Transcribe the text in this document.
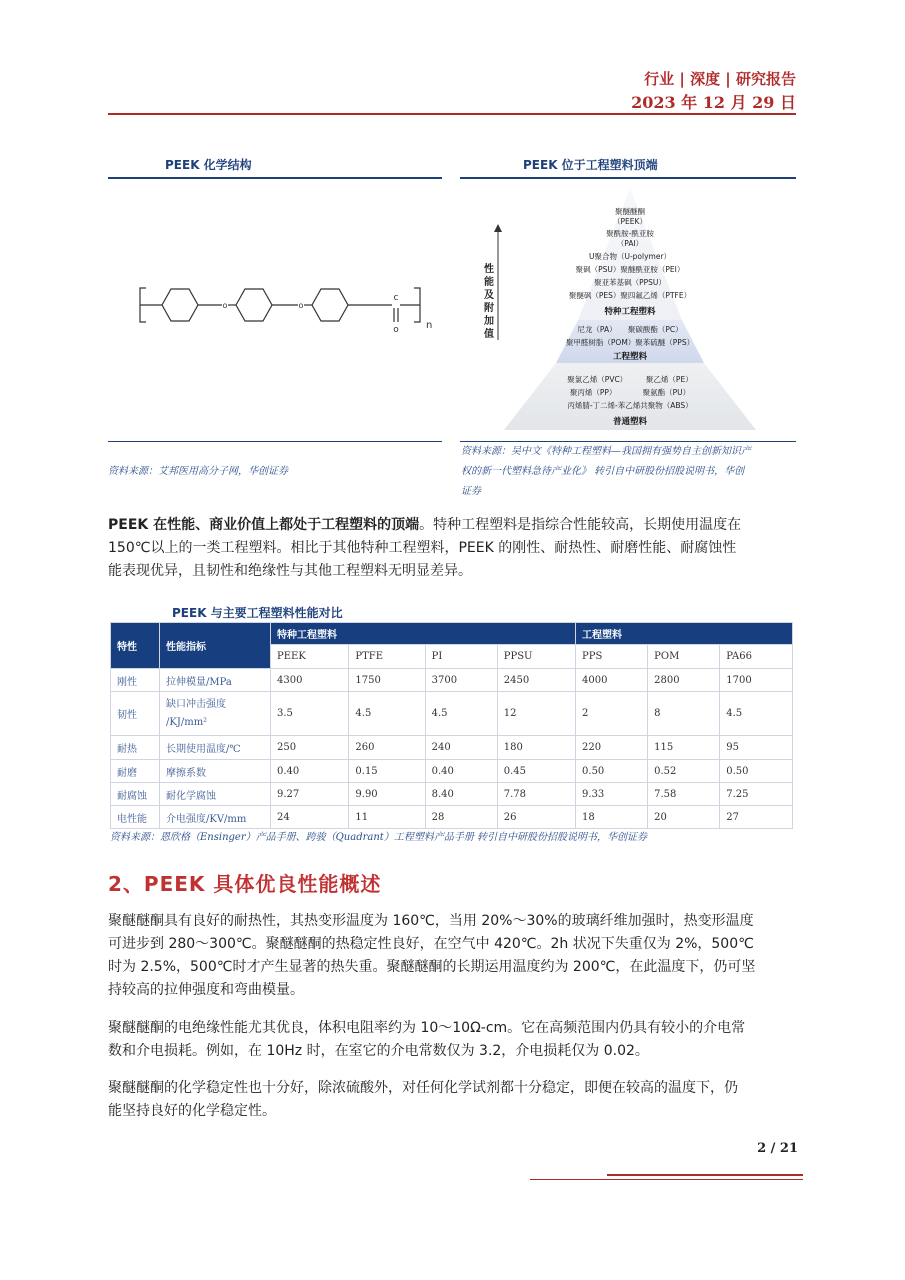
行业 | 深度 | 研究报告
2023 年 12 月 29 日
PEEK 化学结构
o	o
c
o	n
资料来源：艾邦医用高分子网，华创证券
PEEK 位于工程塑料顶端
性
能
及
附
加
值
聚醚醚酮
（PEEK）
聚酰胺-酰亚胺
（PAI）
U聚合物（U-polymer）
聚砜（PSU）聚醚酰亚胺（PEI）
聚亚苯基砜（PPSU）
聚醚砜（PES）聚四氟乙烯（PTFE）
特种工程塑料
尼龙（PA）　　聚碳酸酯（PC）
聚甲醛树脂（POM）聚苯硫醚（PPS）
工程塑料
聚氯乙烯（PVC）　　　聚乙烯（PE）
聚丙烯（PP）　　　　聚氨酯（PU）
丙烯腈-丁二烯-苯乙烯共聚物（ABS）
普通塑料
资料来源：吴中文《特种工程塑料—我国拥有强势自主创新知识产
权的新一代塑料急待产业化》 转引自中研股份招股说明书，华创
证券
PEEK 在性能、商业价值上都处于工程塑料的顶端。特种工程塑料是指综合性能较高，长期使用温度在
150℃以上的一类工程塑料。相比于其他特种工程塑料，PEEK 的刚性、耐热性、耐磨性能、耐腐蚀性
能表现优异，且韧性和绝缘性与其他工程塑料无明显差异。
PEEK 与主要工程塑料性能对比
特性	性能指标	特种工程塑料				工程塑料		
		PEEK	PTFE	PI	PPSU	PPS	POM	PA66
刚性	拉伸模量/MPa	4300	1750	3700	2450	4000	2800	1700
韧性	缺口冲击强度 /KJ/mm²	3.5	4.5	4.5	12	2	8	4.5
耐热	长期使用温度/℃	250	260	240	180	220	115	95
耐磨	摩擦系数	0.40	0.15	0.40	0.45	0.50	0.52	0.50
耐腐蚀	耐化学腐蚀	9.27	9.90	8.40	7.78	9.33	7.58	7.25
电性能	介电强度/KV/mm	24	11	28	26	18	20	27
资料来源：恩欣格（Ensinger）产品手册、跨骏（Quadrant）工程塑料产品手册 转引自中研股份招股说明书，华创证券
2、PEEK 具体优良性能概述
聚醚醚酮具有良好的耐热性，其热变形温度为 160℃，当用 20%～30%的玻璃纤维加强时，热变形温度
可进步到 280～300℃。聚醚醚酮的热稳定性良好，在空气中 420℃。2h 状况下失重仅为 2%，500℃
时为 2.5%，500℃时才产生显著的热失重。聚醚醚酮的长期运用温度约为 200℃，在此温度下，仍可坚
持较高的拉伸强度和弯曲模量。
聚醚醚酮的电绝缘性能尤其优良，体积电阻率约为 10～10Ω-cm。它在高频范围内仍具有较小的介电常
数和介电损耗。例如，在 10Hz 时，在室它的介电常数仅为 3.2，介电损耗仅为 0.02。
聚醚醚酮的化学稳定性也十分好，除浓硫酸外，对任何化学试剂都十分稳定，即便在较高的温度下，仍
能坚持良好的化学稳定性。
2 / 21
